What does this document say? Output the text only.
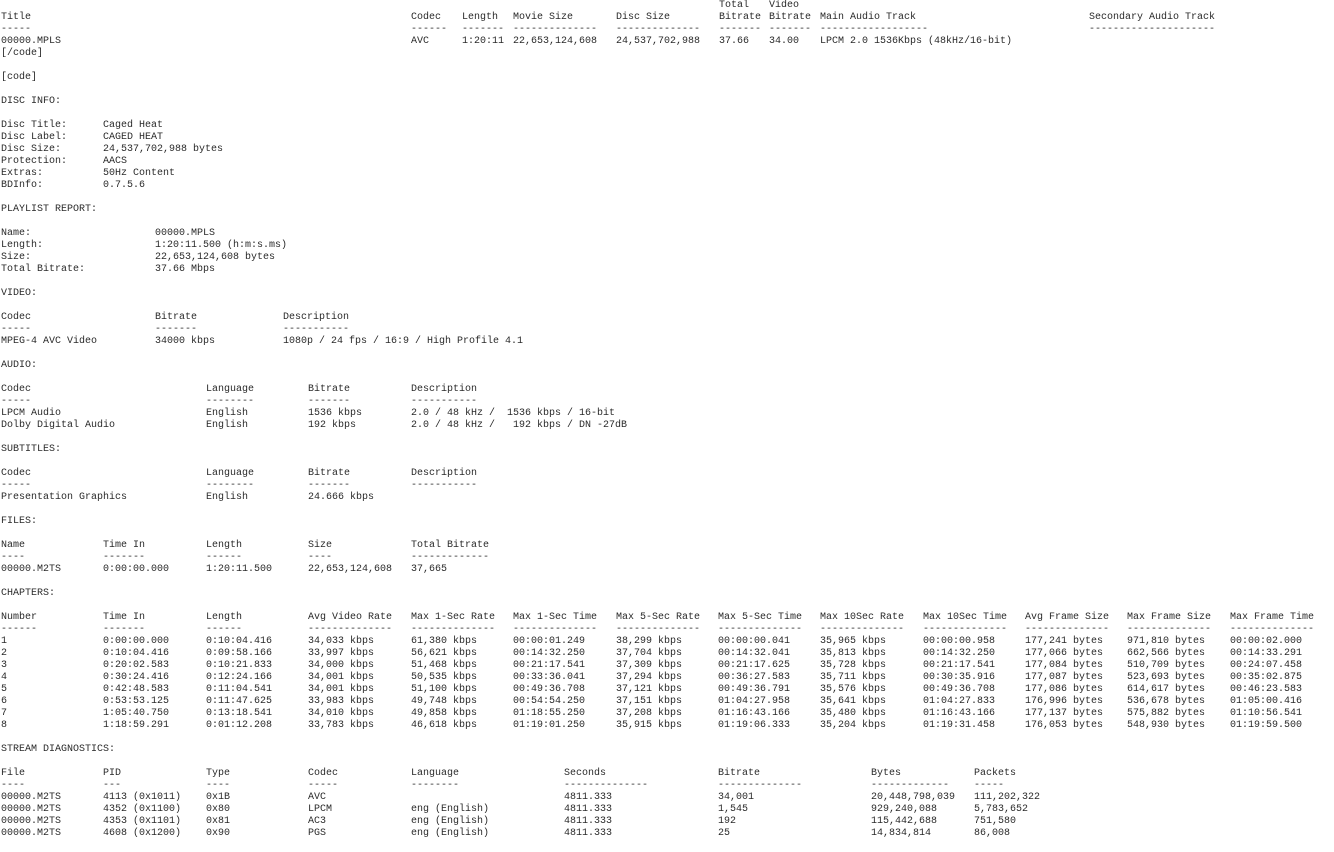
Total Video
Title	Codec Length Movie Size	Disc Size	Bitrate Bitrate Main Audio Track	Secondary Audio Track
-----	------ ------- -------------- -------------- ------- ------- ------------------	---------------------
00000.MPLS	AVC	1:20:11 22,653,124,608 24,537,702,988 37.66 34.00 LPCM 2.0 1536Kbps (48kHz/16-bit)
[/code]
[code]
DISC INFO:
Disc Title:	Caged Heat
Disc Label:	CAGED HEAT
Disc Size:	24,537,702,988 bytes
Protection:	AACS
Extras:	50Hz Content
BDInfo:	0.7.5.6
PLAYLIST REPORT:
Name:	00000.MPLS
Length:	1:20:11.500 (h:m:s.ms)
Size:	22,653,124,608 bytes
Total Bitrate:	37.66 Mbps
VIDEO:
Codec	Bitrate	Description
-----	-------	-----------
MPEG-4 AVC Video	34000 kbps	1080p / 24 fps / 16:9 / High Profile 4.1
AUDIO:
Codec	Language	Bitrate	Description
-----	--------	-------	-----------
LPCM Audio	English	1536 kbps	2.0 / 48 kHz /  1536 kbps / 16-bit
Dolby Digital Audio	English	192 kbps	2.0 / 48 kHz /   192 kbps / DN -27dB
SUBTITLES:
Codec	Language	Bitrate	Description
-----	--------	-------	-----------
Presentation Graphics	English	24.666 kbps
FILES:
Name	Time In	Length	Size	Total Bitrate
----	-------	------	----	-------------
00000.M2TS	0:00:00.000	1:20:11.500	22,653,124,608 37,665
CHAPTERS:
Number	Time In	Length	Avg Video Rate Max 1-Sec Rate Max 1-Sec Time Max 5-Sec Rate Max 5-Sec Time Max 10Sec Rate Max 10Sec Time Avg Frame Size Max Frame Size Max Frame Time
------	-------	------	-------------- -------------- -------------- -------------- -------------- -------------- -------------- -------------- -------------- --------------
1	0:00:00.000	0:10:04.416	34,033 kbps	61,380 kbps	00:00:01.249	38,299 kbps	00:00:00.041	35,965 kbps	00:00:00.958	177,241 bytes 971,810 bytes 00:00:02.000
2	0:10:04.416	0:09:58.166	33,997 kbps	56,621 kbps	00:14:32.250	37,704 kbps	00:14:32.041	35,813 kbps	00:14:32.250	177,066 bytes 662,566 bytes 00:14:33.291
3	0:20:02.583	0:10:21.833	34,000 kbps	51,468 kbps	00:21:17.541	37,309 kbps	00:21:17.625	35,728 kbps	00:21:17.541	177,084 bytes 510,709 bytes 00:24:07.458
4	0:30:24.416	0:12:24.166	34,001 kbps	50,535 kbps	00:33:36.041	37,294 kbps	00:36:27.583	35,711 kbps	00:30:35.916	177,087 bytes 523,693 bytes 00:35:02.875
5	0:42:48.583	0:11:04.541	34,001 kbps	51,100 kbps	00:49:36.708	37,121 kbps	00:49:36.791	35,576 kbps	00:49:36.708	177,086 bytes 614,617 bytes 00:46:23.583
6	0:53:53.125	0:11:47.625	33,983 kbps	49,748 kbps	00:54:54.250	37,151 kbps	01:04:27.958	35,641 kbps	01:04:27.833	176,996 bytes 536,678 bytes 01:05:00.416
7	1:05:40.750	0:13:18.541	34,010 kbps	49,858 kbps	01:18:55.250	37,208 kbps	01:16:43.166	35,480 kbps	01:16:43.166	177,137 bytes 575,882 bytes 01:10:56.541
8	1:18:59.291	0:01:12.208	33,783 kbps	46,618 kbps	01:19:01.250	35,915 kbps	01:19:06.333	35,204 kbps	01:19:31.458	176,053 bytes 548,930 bytes 01:19:59.500
STREAM DIAGNOSTICS:
File	PID	Type	Codec	Language	Seconds	Bitrate	Bytes	Packets
----	---	----	-----	--------	--------------	--------------	------------- -----
00000.M2TS	4113 (0x1011) 0x1B	AVC	4811.333	34,001	20,448,798,039 111,202,322
00000.M2TS	4352 (0x1100) 0x80	LPCM	eng (English)	4811.333	1,545	929,240,088	5,783,652
00000.M2TS	4353 (0x1101) 0x81	AC3	eng (English)	4811.333	192	115,442,688	751,580
00000.M2TS	4608 (0x1200) 0x90	PGS	eng (English)	4811.333	25	14,834,814	86,008
